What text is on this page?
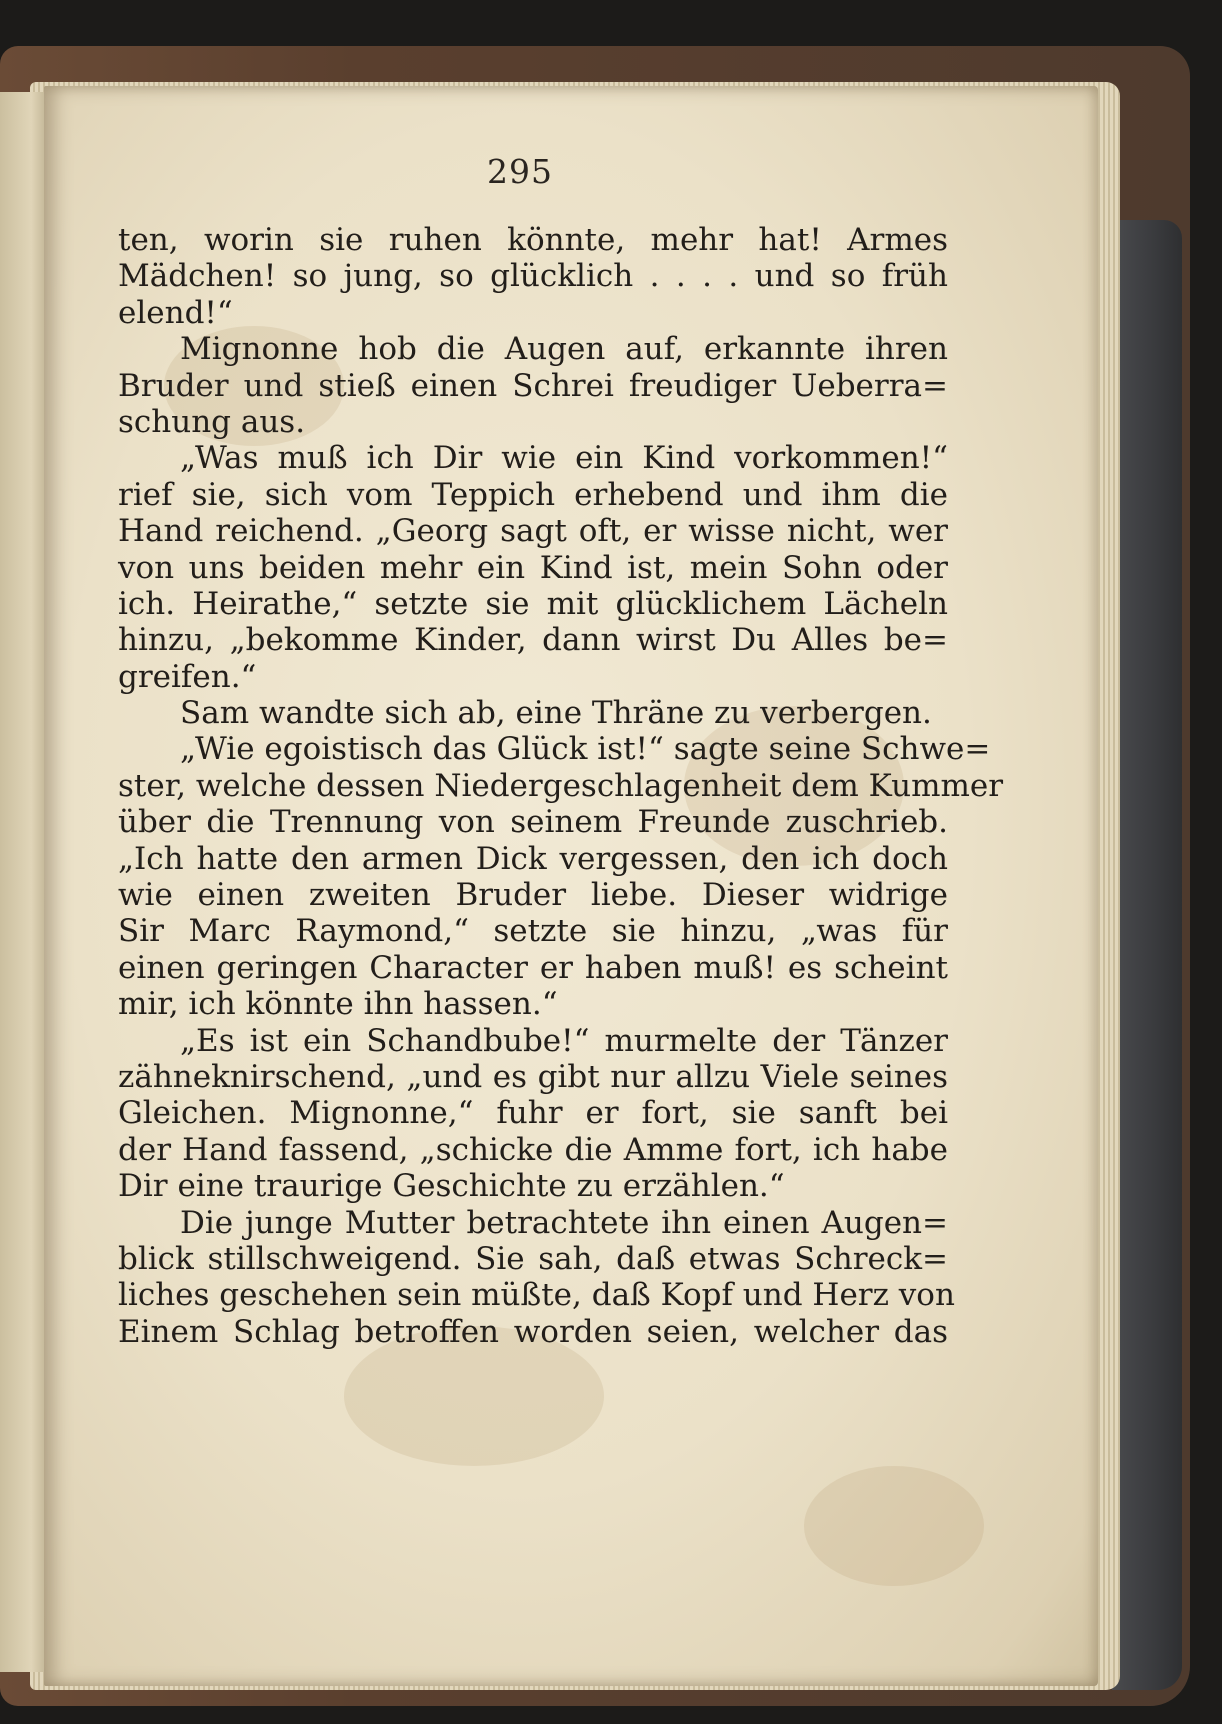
295
ten, worin sie ruhen könnte, mehr hat! Armes
Mädchen! so jung, so glücklich . . . . und so früh
elend!“
Mignonne hob die Augen auf, erkannte ihren
Bruder und stieß einen Schrei freudiger Ueberra=
schung aus.
„Was muß ich Dir wie ein Kind vorkommen!“
rief sie, sich vom Teppich erhebend und ihm die
Hand reichend. „Georg sagt oft, er wisse nicht, wer
von uns beiden mehr ein Kind ist, mein Sohn oder
ich. Heirathe,“ setzte sie mit glücklichem Lächeln
hinzu, „bekomme Kinder, dann wirst Du Alles be=
greifen.“
Sam wandte sich ab, eine Thräne zu verbergen.
„Wie egoistisch das Glück ist!“ sagte seine Schwe=
ster, welche dessen Niedergeschlagenheit dem Kummer
über die Trennung von seinem Freunde zuschrieb.
„Ich hatte den armen Dick vergessen, den ich doch
wie einen zweiten Bruder liebe. Dieser widrige
Sir Marc Raymond,“ setzte sie hinzu, „was für
einen geringen Character er haben muß! es scheint
mir, ich könnte ihn hassen.“
„Es ist ein Schandbube!“ murmelte der Tänzer
zähneknirschend, „und es gibt nur allzu Viele seines
Gleichen. Mignonne,“ fuhr er fort, sie sanft bei
der Hand fassend, „schicke die Amme fort, ich habe
Dir eine traurige Geschichte zu erzählen.“
Die junge Mutter betrachtete ihn einen Augen=
blick stillschweigend. Sie sah, daß etwas Schreck=
liches geschehen sein müßte, daß Kopf und Herz von
Einem Schlag betroffen worden seien, welcher das
